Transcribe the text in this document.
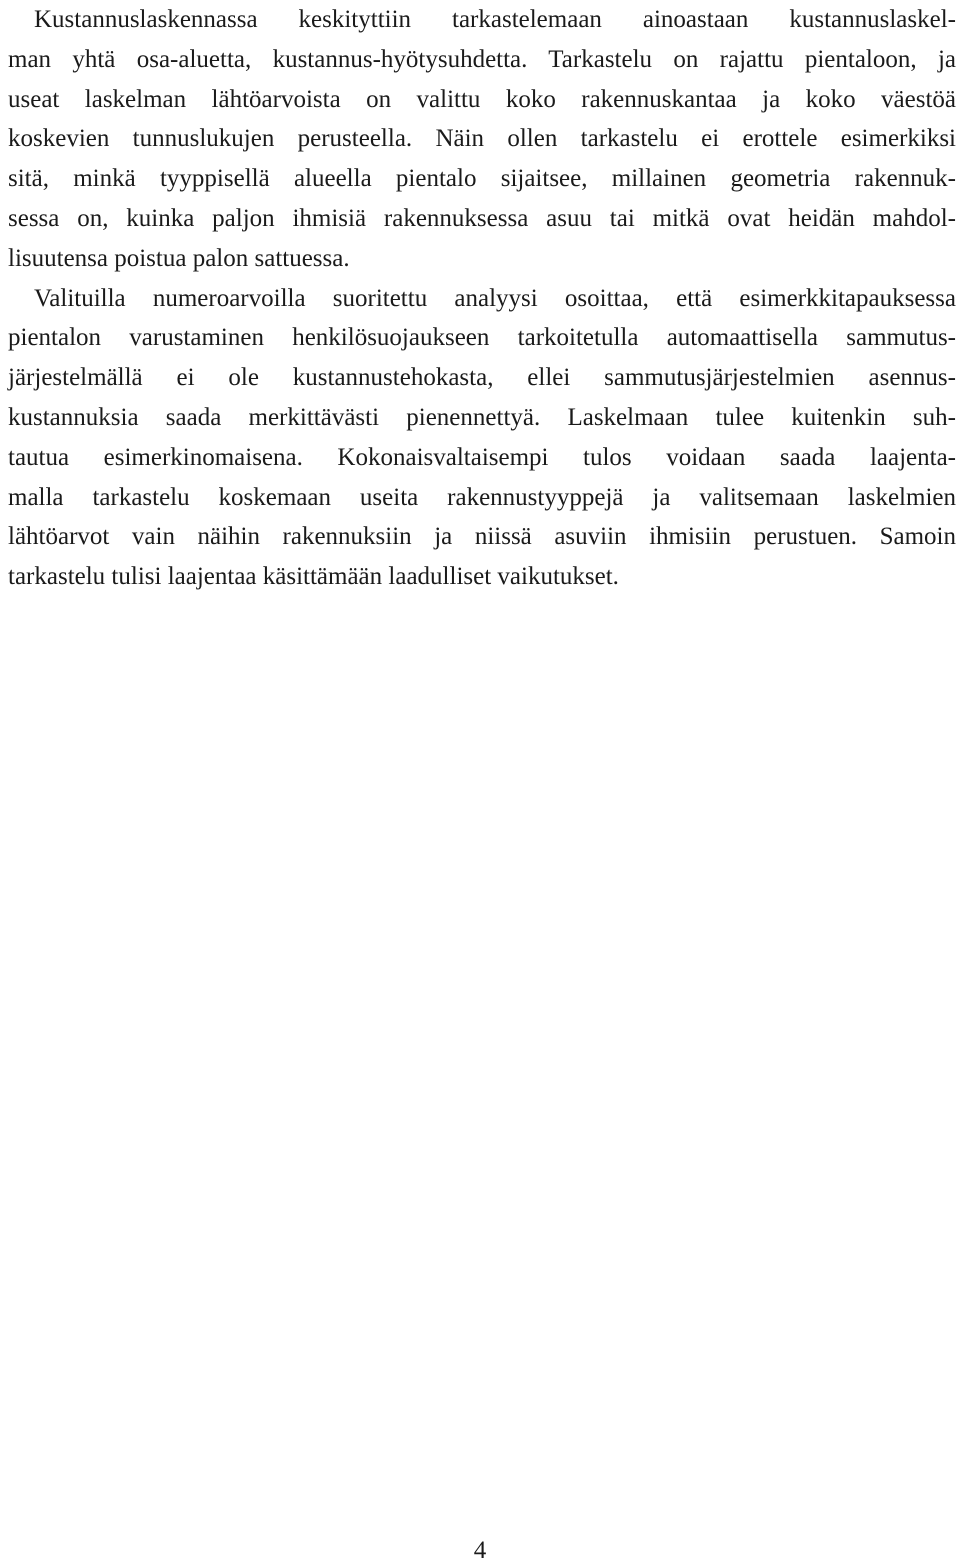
Kustannuslaskennassa keskityttiin tarkastelemaan ainoastaan kustannuslaskel-
man yhtä osa-aluetta, kustannus-hyötysuhdetta. Tarkastelu on rajattu pientaloon, ja
useat laskelman lähtöarvoista on valittu koko rakennuskantaa ja koko väestöä
koskevien tunnuslukujen perusteella. Näin ollen tarkastelu ei erottele esimerkiksi
sitä, minkä tyyppisellä alueella pientalo sijaitsee, millainen geometria rakennuk-
sessa on, kuinka paljon ihmisiä rakennuksessa asuu tai mitkä ovat heidän mahdol-
lisuutensa poistua palon sattuessa.
Valituilla numeroarvoilla suoritettu analyysi osoittaa, että esimerkkitapauksessa
pientalon varustaminen henkilösuojaukseen tarkoitetulla automaattisella sammutus-
järjestelmällä ei ole kustannustehokasta, ellei sammutusjärjestelmien asennus-
kustannuksia saada merkittävästi pienennettyä. Laskelmaan tulee kuitenkin suh-
tautua esimerkinomaisena. Kokonaisvaltaisempi tulos voidaan saada laajenta-
malla tarkastelu koskemaan useita rakennustyyppejä ja valitsemaan laskelmien
lähtöarvot vain näihin rakennuksiin ja niissä asuviin ihmisiin perustuen. Samoin
tarkastelu tulisi laajentaa käsittämään laadulliset vaikutukset.
4
